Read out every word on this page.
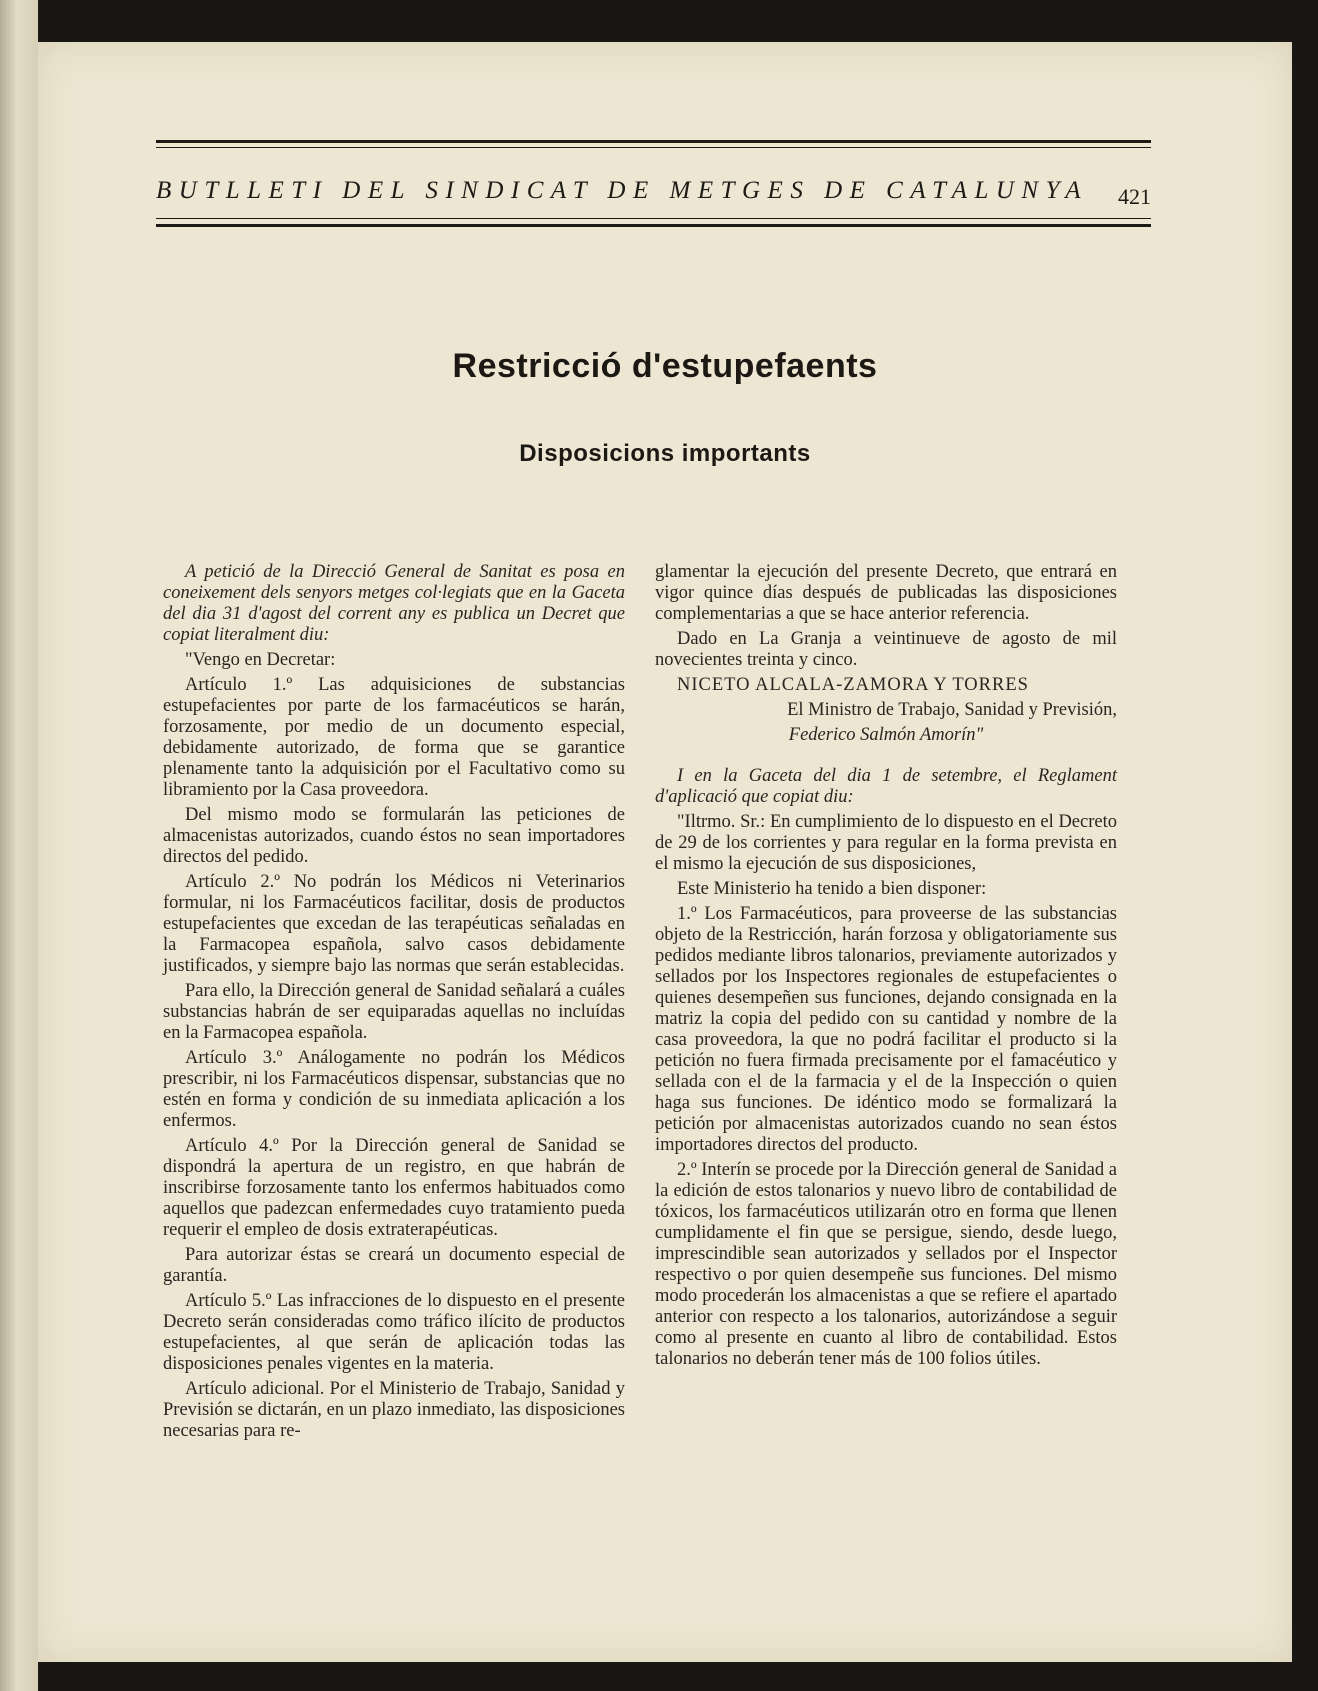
BUTLLETI DEL SINDICAT DE METGES DE CATALUNYA	421
Restricció d'estupefaents
Disposicions importants

A petició de la Direcció General de Sanitat es posa en coneixement dels senyors metges col·legiats que en la Gaceta del dia 31 d'agost del corrent any es publica un Decret que copiat literalment diu:

"Vengo en Decretar:

Artículo 1.º Las adquisiciones de substancias estupefacientes por parte de los farmacéuticos se harán, forzosamente, por medio de un documento especial, debidamente autorizado, de forma que se garantice plenamente tanto la adquisición por el Facultativo como su libramiento por la Casa proveedora.

Del mismo modo se formularán las peticiones de almacenistas autorizados, cuando éstos no sean importadores directos del pedido.

Artículo 2.º No podrán los Médicos ni Veterinarios formular, ni los Farmacéuticos facilitar, dosis de productos estupefacientes que excedan de las terapéuticas señaladas en la Farmacopea española, salvo casos debidamente justificados, y siempre bajo las normas que serán establecidas.

Para ello, la Dirección general de Sanidad señalará a cuáles substancias habrán de ser equiparadas aquellas no incluídas en la Farmacopea española.

Artículo 3.º Análogamente no podrán los Médicos prescribir, ni los Farmacéuticos dispensar, substancias que no estén en forma y condición de su inmediata aplicación a los enfermos.

Artículo 4.º Por la Dirección general de Sanidad se dispondrá la apertura de un registro, en que habrán de inscribirse forzosamente tanto los enfermos habituados como aquellos que padezcan enfermedades cuyo tratamiento pueda requerir el empleo de dosis extraterapéuticas.

Para autorizar éstas se creará un documento especial de garantía.

Artículo 5.º Las infracciones de lo dispuesto en el presente Decreto serán consideradas como tráfico ilícito de productos estupefacientes, al que serán de aplicación todas las disposiciones penales vigentes en la materia.

Artículo adicional. Por el Ministerio de Trabajo, Sanidad y Previsión se dictarán, en un plazo inmediato, las disposiciones necesarias para re-

glamentar la ejecución del presente Decreto, que entrará en vigor quince días después de publicadas las disposiciones complementarias a que se hace anterior referencia.

Dado en La Granja a veintinueve de agosto de mil novecientes treinta y cinco.

NICETO ALCALA-ZAMORA Y TORRES

El Ministro de Trabajo, Sanidad y Previsión,

Federico Salmón Amorín"

I en la Gaceta del dia 1 de setembre, el Reglament d'aplicació que copiat diu:

"Iltrmo. Sr.: En cumplimiento de lo dispuesto en el Decreto de 29 de los corrientes y para regular en la forma prevista en el mismo la ejecución de sus disposiciones,

Este Ministerio ha tenido a bien disponer:

1.º Los Farmacéuticos, para proveerse de las substancias objeto de la Restricción, harán forzosa y obligatoriamente sus pedidos mediante libros talonarios, previamente autorizados y sellados por los Inspectores regionales de estupefacientes o quienes desempeñen sus funciones, dejando consignada en la matriz la copia del pedido con su cantidad y nombre de la casa proveedora, la que no podrá facilitar el producto si la petición no fuera firmada precisamente por el famacéutico y sellada con el de la farmacia y el de la Inspección o quien haga sus funciones. De idéntico modo se formalizará la petición por almacenistas autorizados cuando no sean éstos importadores directos del producto.

2.º Interín se procede por la Dirección general de Sanidad a la edición de estos talonarios y nuevo libro de contabilidad de tóxicos, los farmacéuticos utilizarán otro en forma que llenen cumplidamente el fin que se persigue, siendo, desde luego, imprescindible sean autorizados y sellados por el Inspector respectivo o por quien desempeñe sus funciones. Del mismo modo procederán los almacenistas a que se refiere el apartado anterior con respecto a los talonarios, autorizándose a seguir como al presente en cuanto al libro de contabilidad. Estos talonarios no deberán tener más de 100 folios útiles.
